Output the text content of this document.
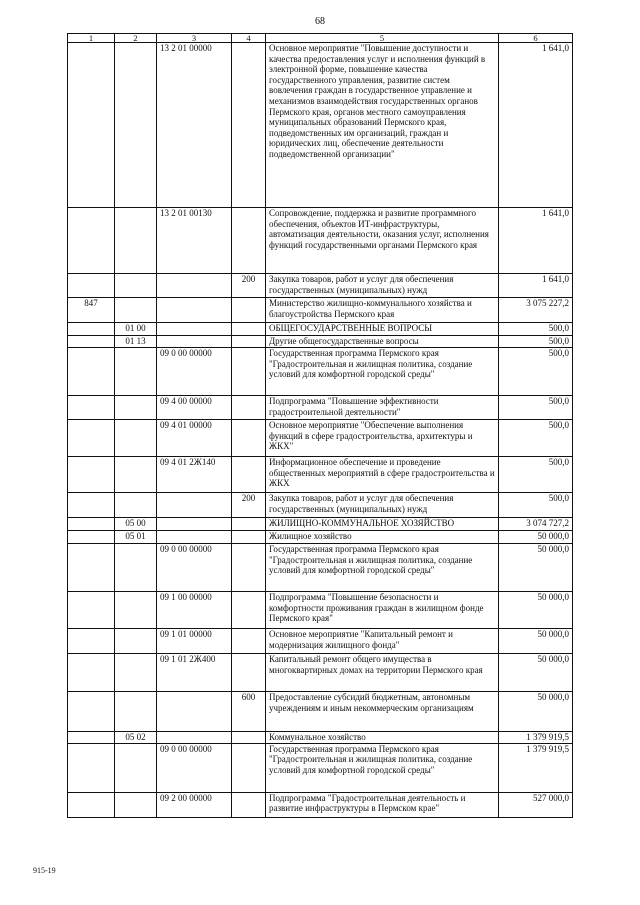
68
1	2	3	4	5	6
		13 2 01 00000		Основное мероприятие "Повышение доступности и качества предоставления услуг и исполнения функций в электронной форме, повышение качества государственного управления, развитие систем вовлечения граждан в государственное управление и механизмов взаимодействия государственных органов Пермского края, органов местного самоуправления муниципальных образований Пермского края, подведомственных им организаций, граждан и юридических лиц, обеспечение деятельности подведомственной организации"	1 641,0
		13 2 01 00130		Сопровождение, поддержка и развитие программного обеспечения, объектов ИТ-инфраструктуры, автоматизация деятельности, оказания услуг, исполнения функций государственными органами Пермского края	1 641,0
			200	Закупка товаров, работ и услуг для обеспечения государственных (муниципальных) нужд	1 641,0
847				Министерство жилищно-коммунального хозяйства и благоустройства Пермского края	3 075 227,2
	01 00			ОБЩЕГОСУДАРСТВЕННЫЕ ВОПРОСЫ	500,0
	01 13			Другие общегосударственные вопросы	500,0
		09 0 00 00000		Государственная программа Пермского края "Градостроительная и жилищная политика, создание условий для комфортной городской среды"	500,0
		09 4 00 00000		Подпрограмма "Повышение эффективности градостроительной деятельности"	500,0
		09 4 01 00000		Основное мероприятие "Обеспечение выполнения функций в сфере градостроительства, архитектуры и ЖКХ"	500,0
		09 4 01 2Ж140		Информационное обеспечение и проведение общественных мероприятий в сфере градостроительства и ЖКХ	500,0
			200	Закупка товаров, работ и услуг для обеспечения государственных (муниципальных) нужд	500,0
	05 00			ЖИЛИЩНО-КОММУНАЛЬНОЕ ХОЗЯЙСТВО	3 074 727,2
	05 01			Жилищное хозяйство	50 000,0
		09 0 00 00000		Государственная программа Пермского края "Градостроительная и жилищная политика, создание условий для комфортной городской среды"	50 000,0
		09 1 00 00000		Подпрограмма "Повышение безопасности и комфортности проживания граждан в жилищном фонде Пермского края"	50 000,0
		09 1 01 00000		Основное мероприятие "Капитальный ремонт и модернизация жилищного фонда"	50 000,0
		09 1 01 2Ж400		Капитальный ремонт общего имущества в многоквартирных домах на территории Пермского края	50 000,0
			600	Предоставление субсидий бюджетным, автономным учреждениям и иным некоммерческим организациям	50 000,0
	05 02			Коммунальное хозяйство	1 379 919,5
		09 0 00 00000		Государственная программа Пермского края "Градостроительная и жилищная политика, создание условий для комфортной городской среды"	1 379 919,5
		09 2 00 00000		Подпрограмма "Градостроительная деятельность и развитие инфраструктуры в Пермском крае"	527 000,0
915-19
